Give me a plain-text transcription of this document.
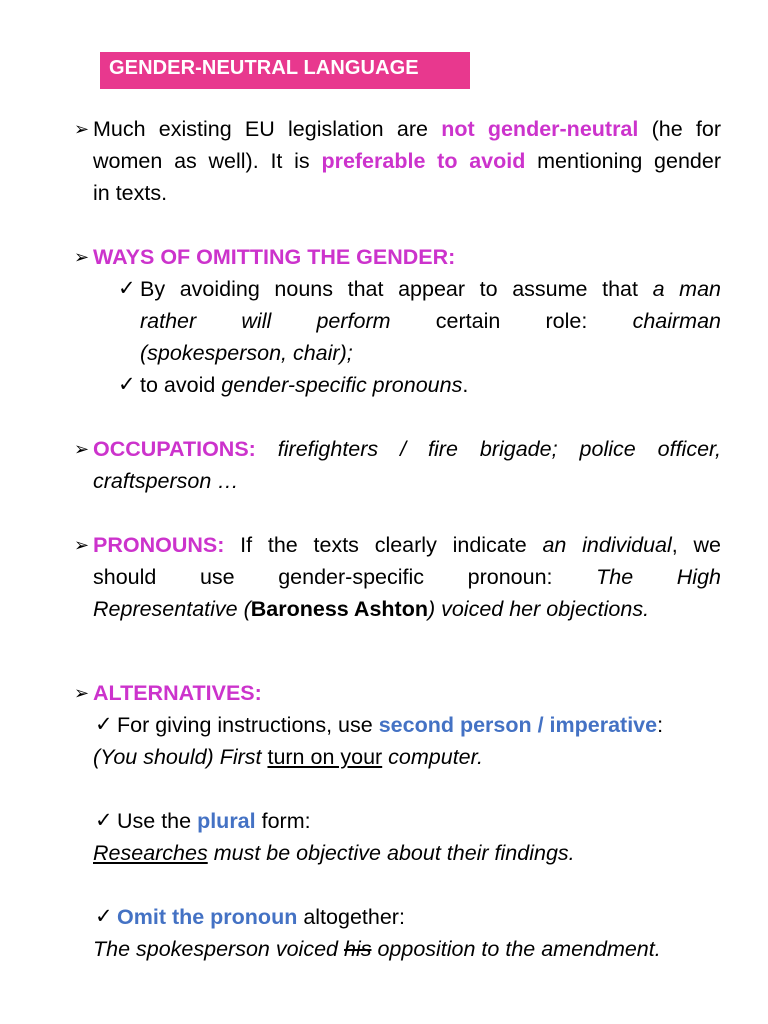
GENDER-NEUTRAL LANGUAGE
➢ Much existing EU legislation are not gender-neutral (he for
women as well). It is preferable to avoid mentioning gender
in texts.
➢ WAYS OF OMITTING THE GENDER:
✓ By avoiding nouns that appear to assume that a man
rather will perform certain role: chairman
(spokesperson, chair);
✓ to avoid gender-specific pronouns.
➢ OCCUPATIONS: firefighters / fire brigade; police officer,
craftsperson …
➢ PRONOUNS: If the texts clearly indicate an individual, we
should use gender-specific pronoun: The High
Representative (Baroness Ashton) voiced her objections.
➢ ALTERNATIVES:
✓ For giving instructions, use second person / imperative:
(You should) First turn on your computer.
✓ Use the plural form:
Researches must be objective about their findings.
✓ Omit the pronoun altogether:
The spokesperson voiced his opposition to the amendment.
